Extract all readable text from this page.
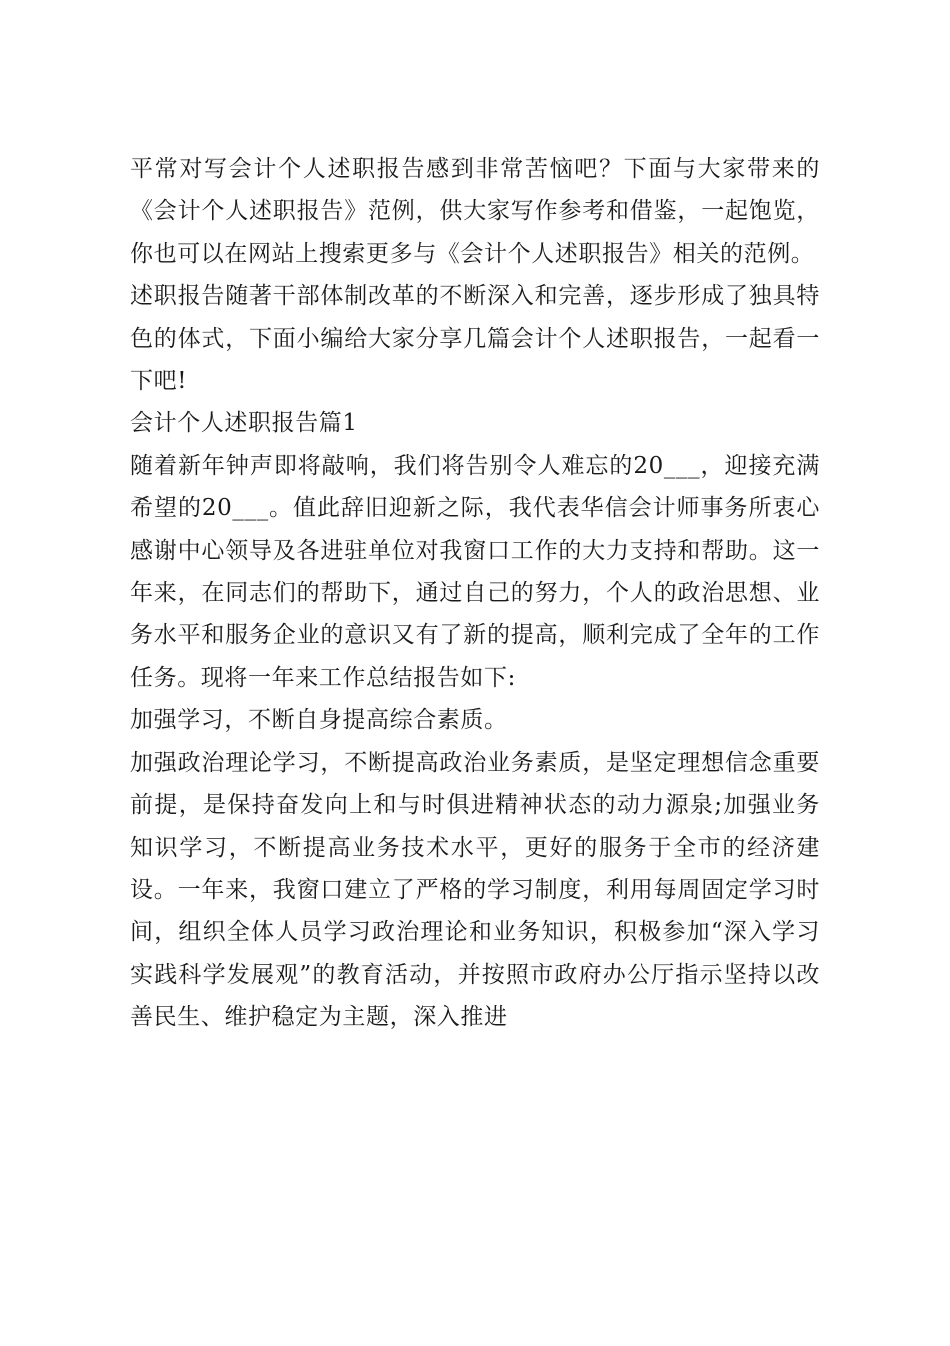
平常对写会计个人述职报告感到非常苦恼吧？下面与大家带来的《会计个人述职报告》范例，供大家写作参考和借鉴，一起饱览，你也可以在网站上搜索更多与《会计个人述职报告》相关的范例。

述职报告随著干部体制改革的不断深入和完善，逐步形成了独具特色的体式，下面小编给大家分享几篇会计个人述职报告，一起看一下吧!

会计个人述职报告篇1

随着新年钟声即将敲响，我们将告别令人难忘的20___，迎接充满希望的20___。值此辞旧迎新之际，我代表华信会计师事务所衷心感谢中心领导及各进驻单位对我窗口工作的大力支持和帮助。这一年来，在同志们的帮助下，通过自己的努力，个人的政治思想、业务水平和服务企业的意识又有了新的提高，顺利完成了全年的工作任务。现将一年来工作总结报告如下:

加强学习，不断自身提高综合素质。

加强政治理论学习，不断提高政治业务素质，是坚定理想信念重要前提，是保持奋发向上和与时俱进精神状态的动力源泉;加强业务知识学习，不断提高业务技术水平，更好的服务于全市的经济建设。一年来，我窗口建立了严格的学习制度，利用每周固定学习时间，组织全体人员学习政治理论和业务知识，积极参加“深入学习实践科学发展观”的教育活动，并按照市政府办公厅指示坚持以改善民生、维护稳定为主题，深入推进
